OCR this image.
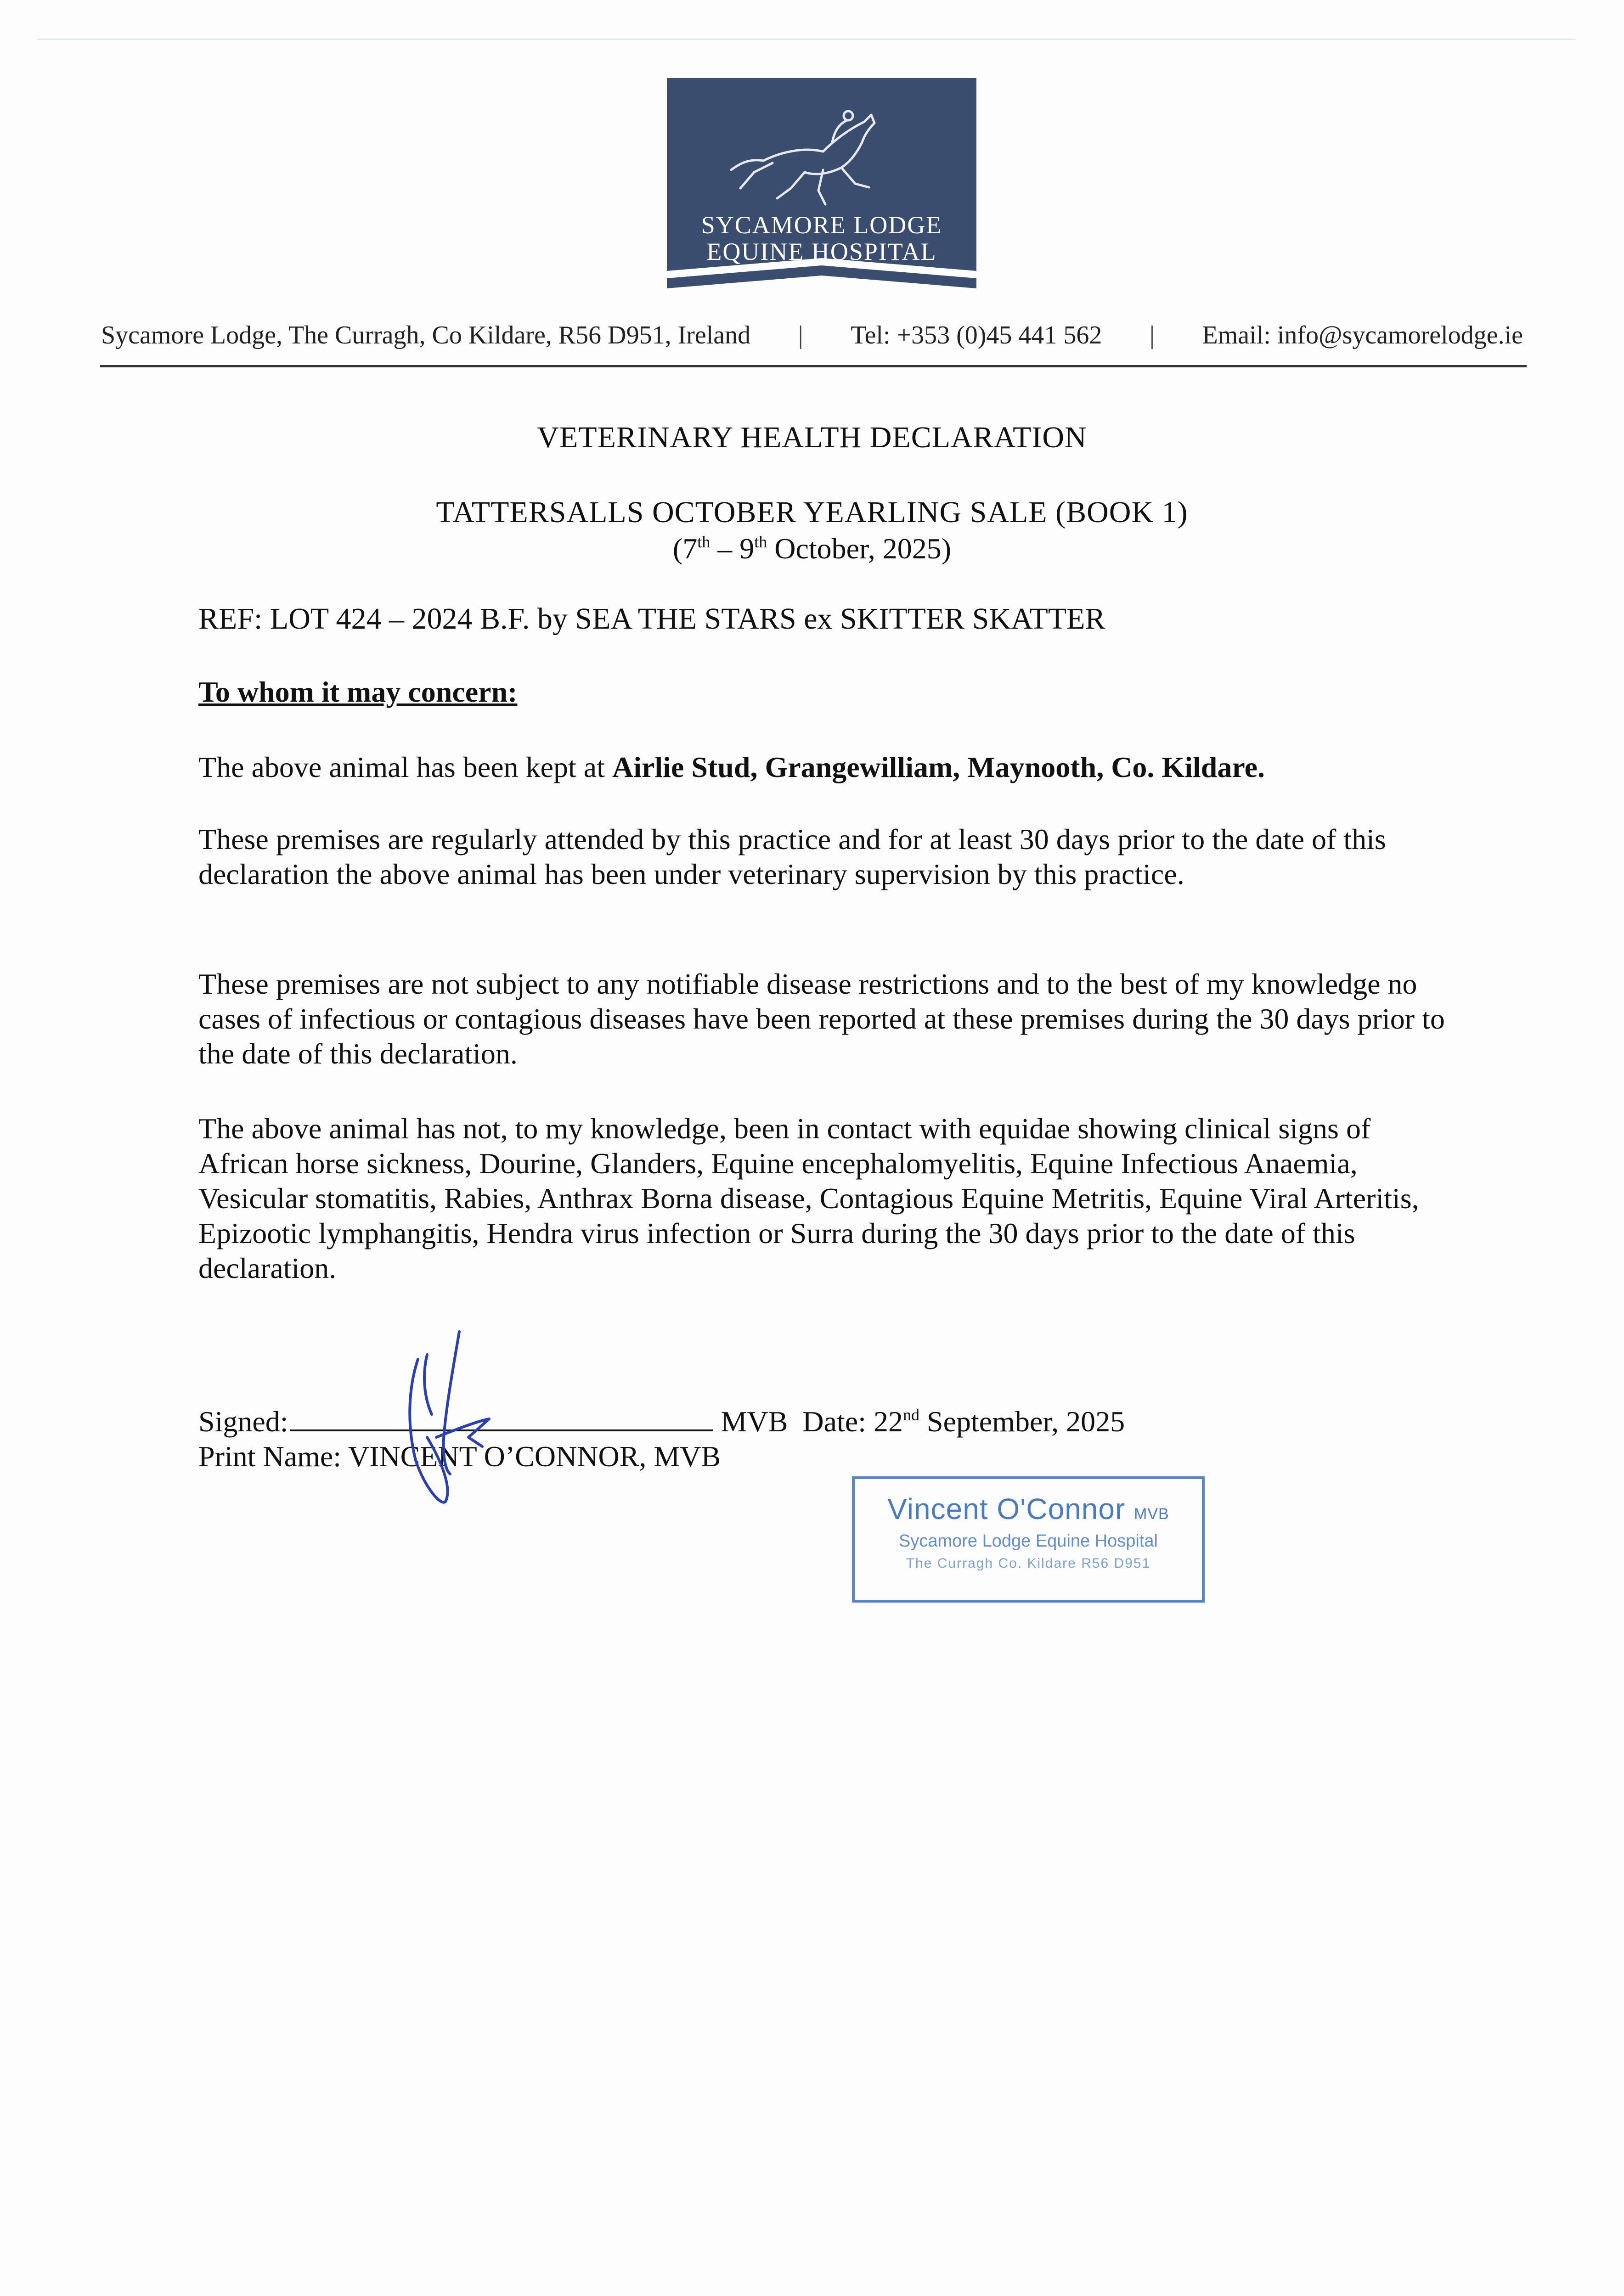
SYCAMORE LODGE
EQUINE HOSPITAL
Sycamore Lodge, The Curragh, Co Kildare, R56 D951, Ireland | Tel: +353 (0)45 441 562 | Email: info@sycamorelodge.ie
VETERINARY HEALTH DECLARATION
TATTERSALLS OCTOBER YEARLING SALE (BOOK 1)
(7th – 9th October, 2025)
REF: LOT 424 – 2024 B.F. by SEA THE STARS ex SKITTER SKATTER
To whom it may concern:
The above animal has been kept at Airlie Stud, Grangewilliam, Maynooth, Co. Kildare.

These premises are regularly attended by this practice and for at least 30 days prior to the date of this declaration the above animal has been under veterinary supervision by this practice.

These premises are not subject to any notifiable disease restrictions and to the best of my knowledge no cases of infectious or contagious diseases have been reported at these premises during the 30 days prior to the date of this declaration.

The above animal has not, to my knowledge, been in contact with equidae showing clinical signs of African horse sickness, Dourine, Glanders, Equine encephalomyelitis, Equine Infectious Anaemia, Vesicular stomatitis, Rabies, Anthrax Borna disease, Contagious Equine Metritis, Equine Viral Arteritis, Epizootic lymphangitis, Hendra virus infection or Surra during the 30 days prior to the date of this declaration.

Signed:	MVB Date: 22nd September, 2025
Print Name: VINCENT O’CONNOR, MVB
Vincent O'Connor MVB
Sycamore Lodge Equine Hospital
The Curragh Co. Kildare R56 D951
